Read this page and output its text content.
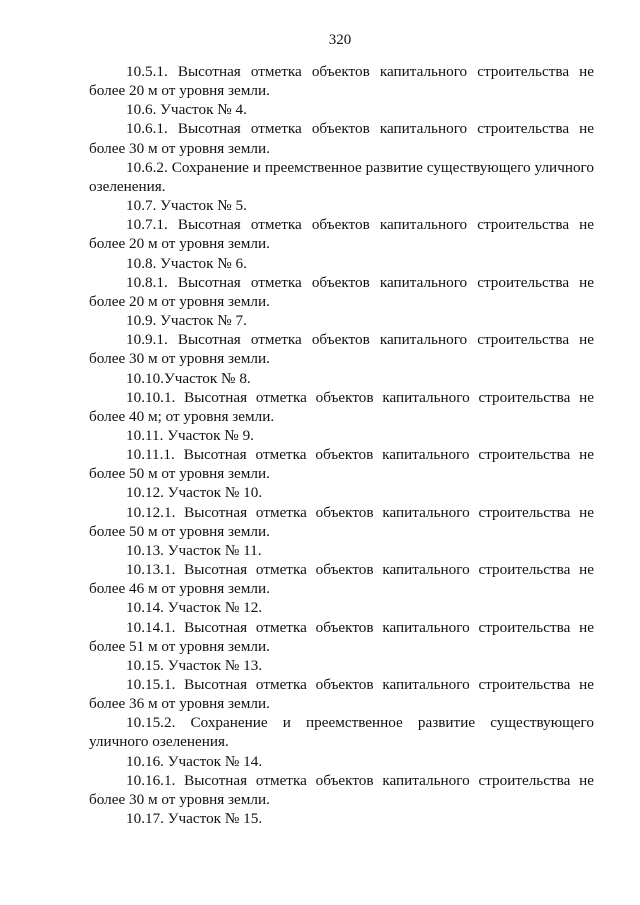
320

10.5.1. Высотная отметка объектов капитального строительства не более 20 м от уровня земли.

10.6. Участок № 4.

10.6.1. Высотная отметка объектов капитального строительства не более 30 м от уровня земли.

10.6.2. Сохранение и преемственное развитие существующего уличного озеленения.

10.7. Участок № 5.

10.7.1. Высотная отметка объектов капитального строительства не более 20 м от уровня земли.

10.8. Участок № 6.

10.8.1. Высотная отметка объектов капитального строительства не более 20 м от уровня земли.

10.9. Участок № 7.

10.9.1. Высотная отметка объектов капитального строительства не более 30 м от уровня земли.

10.10.Участок № 8.

10.10.1. Высотная отметка объектов капитального строительства не более 40 м; от уровня земли.

10.11. Участок № 9.

10.11.1. Высотная отметка объектов капитального строительства не более 50 м от уровня земли.

10.12. Участок № 10.

10.12.1. Высотная отметка объектов капитального строительства не более 50 м от уровня земли.

10.13. Участок № 11.

10.13.1. Высотная отметка объектов капитального строительства не более 46 м от уровня земли.

10.14. Участок № 12.

10.14.1. Высотная отметка объектов капитального строительства не более 51 м от уровня земли.

10.15. Участок № 13.

10.15.1. Высотная отметка объектов капитального строительства не более 36 м от уровня земли.

10.15.2. Сохранение и преемственное развитие существующего уличного озеленения.

10.16. Участок № 14.

10.16.1. Высотная отметка объектов капитального строительства не более 30 м от уровня земли.

10.17. Участок № 15.
